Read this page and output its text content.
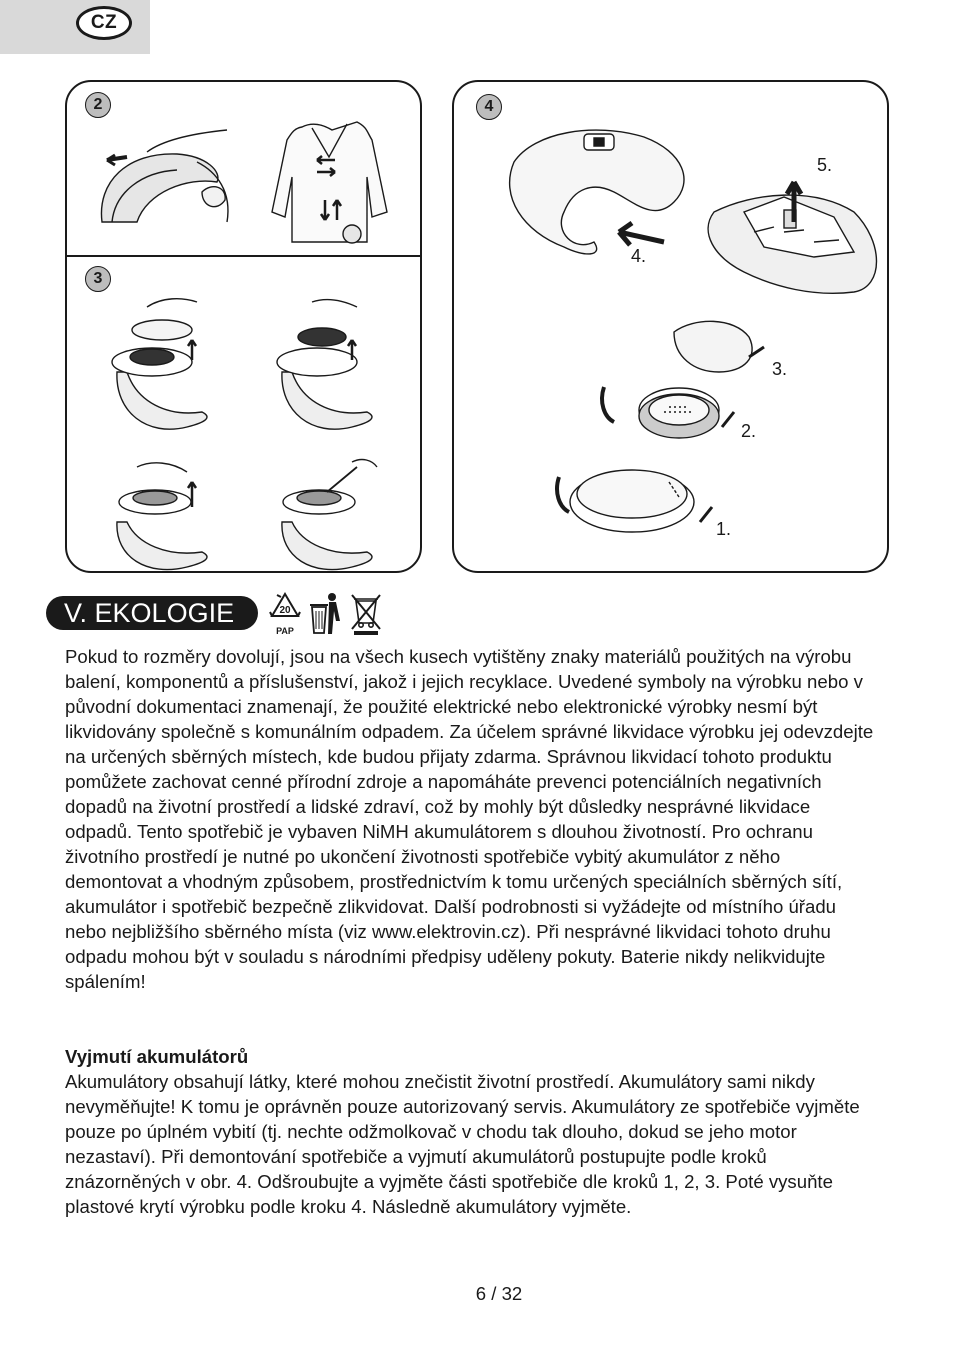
CZ
2
3
4
5.
4.
3.
2.
1.
V. EKOLOGIE	20
PAP

Pokud to rozměry dovolují, jsou na všech kusech vytištěny znaky materiálů použitých na výrobu balení, komponentů a příslušenství, jakož i jejich recyklace. Uvedené symboly na výrobku nebo v původní dokumentaci znamenají, že použité elektrické nebo elektronické výrobky nesmí být likvidovány společně s komunálním odpadem. Za účelem správné likvidace výrobku jej odevzdejte na určených sběrných místech, kde budou přijaty zdarma. Správnou likvidací tohoto produktu pomůžete zachovat cenné přírodní zdroje a napomáháte prevenci potenciálních negativních dopadů na životní prostředí a lidské zdraví, což by mohly být důsledky nesprávné likvidace odpadů. Tento spotřebič je vybaven NiMH akumulátorem s dlouhou životností. Pro ochranu životního prostředí je nutné po ukončení životnosti spotřebiče vybitý akumulátor z něho demontovat a vhodným způsobem, prostřednictvím k tomu určených speciálních sběrných sítí, akumulátor i spotřebič bezpečně zlikvidovat. Další podrobnosti si vyžádejte od místního úřadu nebo nejbližšího sběrného místa (viz www.elektrovin.cz). Při nesprávné likvidaci tohoto druhu odpadu mohou být v souladu s národními předpisy uděleny pokuty. Baterie nikdy nelikvidujte spálením!

Vyjmutí akumulátorů

Akumulátory obsahují látky, které mohou znečistit životní prostředí. Akumulátory sami nikdy nevyměňujte! K tomu je oprávněn pouze autorizovaný servis. Akumulátory ze spotřebiče vyjměte pouze po úplném vybití (tj. nechte odžmolkovač v chodu tak dlouho, dokud se jeho motor nezastaví). Při demontování spotřebiče a vyjmutí akumulátorů postupujte podle kroků znázorněných v obr. 4. Odšroubujte a vyjměte části spotřebiče dle kroků 1, 2, 3. Poté vysuňte plastové krytí výrobku podle kroku 4. Následně akumulátory vyjměte.

6 / 32
